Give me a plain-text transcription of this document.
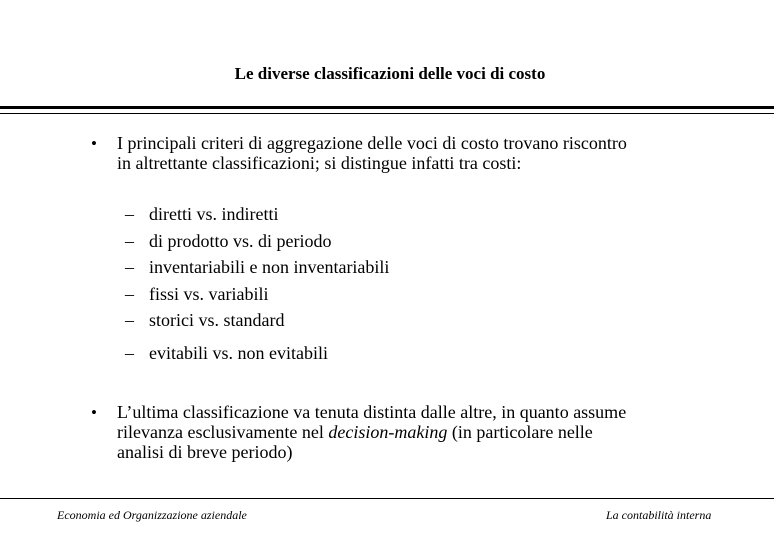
Le diverse classificazioni delle voci di costo
• I principali criteri di aggregazione delle voci di costo trovano riscontro
in altrettante classificazioni; si distingue infatti tra costi:
– diretti vs. indiretti
– di prodotto vs. di periodo
– inventariabili e non inventariabili
– fissi vs. variabili
– storici vs. standard
– evitabili vs. non evitabili
• L’ultima classificazione va tenuta distinta dalle altre, in quanto assume
rilevanza esclusivamente nel decision-making (in particolare nelle
analisi di breve periodo)
Economia ed Organizzazione aziendale	La contabilità interna
